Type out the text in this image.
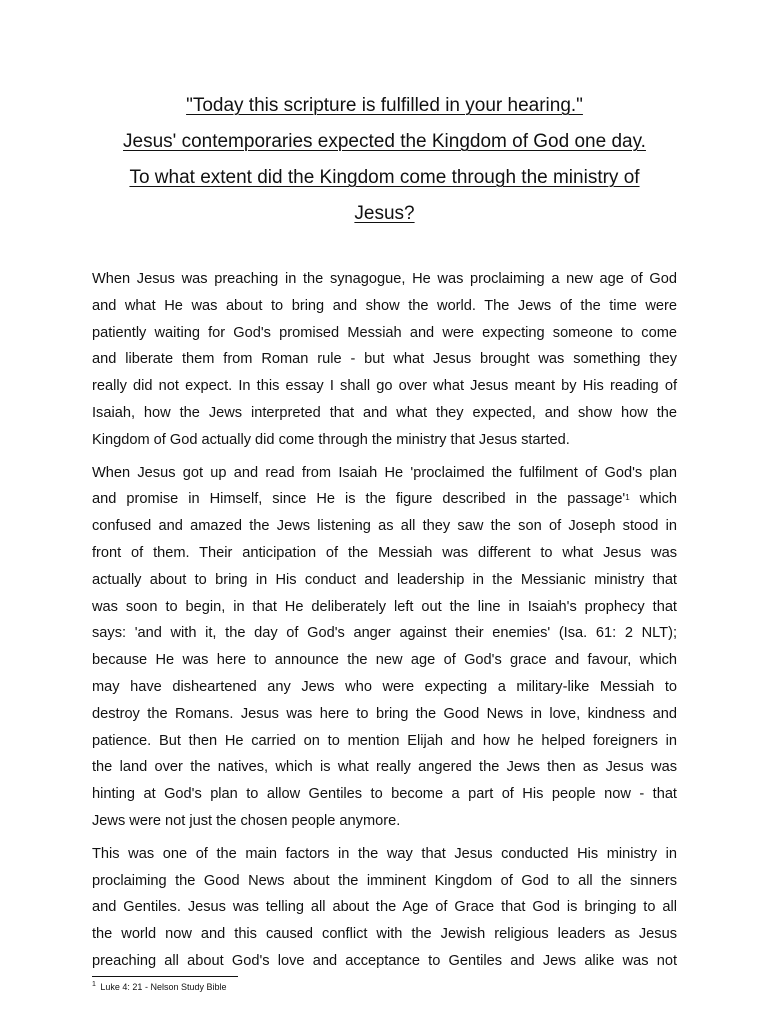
"Today this scripture is fulfilled in your hearing."
Jesus' contemporaries expected the Kingdom of God one day.
To what extent did the Kingdom come through the ministry of
Jesus?
When Jesus was preaching in the synagogue, He was proclaiming a new age of God
and what He was about to bring and show the world. The Jews of the time were
patiently waiting for God's promised Messiah and were expecting someone to come
and liberate them from Roman rule - but what Jesus brought was something they
really did not expect. In this essay I shall go over what Jesus meant by His reading of
Isaiah, how the Jews interpreted that and what they expected, and show how the
Kingdom of God actually did come through the ministry that Jesus started.
When Jesus got up and read from Isaiah He 'proclaimed the fulfilment of God's plan
and promise in Himself, since He is the figure described in the passage'$^1$ which
confused and amazed the Jews listening as all they saw the son of Joseph stood in
front of them. Their anticipation of the Messiah was different to what Jesus was
actually about to bring in His conduct and leadership in the Messianic ministry that
was soon to begin, in that He deliberately left out the line in Isaiah's prophecy that
says: 'and with it, the day of God's anger against their enemies' (Isa. 61: 2 NLT);
because He was here to announce the new age of God's grace and favour, which
may have disheartened any Jews who were expecting a military-like Messiah to
destroy the Romans. Jesus was here to bring the Good News in love, kindness and
patience. But then He carried on to mention Elijah and how he helped foreigners in
the land over the natives, which is what really angered the Jews then as Jesus was
hinting at God's plan to allow Gentiles to become a part of His people now - that
Jews were not just the chosen people anymore.
This was one of the main factors in the way that Jesus conducted His ministry in
proclaiming the Good News about the imminent Kingdom of God to all the sinners
and Gentiles. Jesus was telling all about the Age of Grace that God is bringing to all
the world now and this caused conflict with the Jewish religious leaders as Jesus
preaching all about God's love and acceptance to Gentiles and Jews alike was not
$^1$ Luke 4: 21 - Nelson Study Bible
